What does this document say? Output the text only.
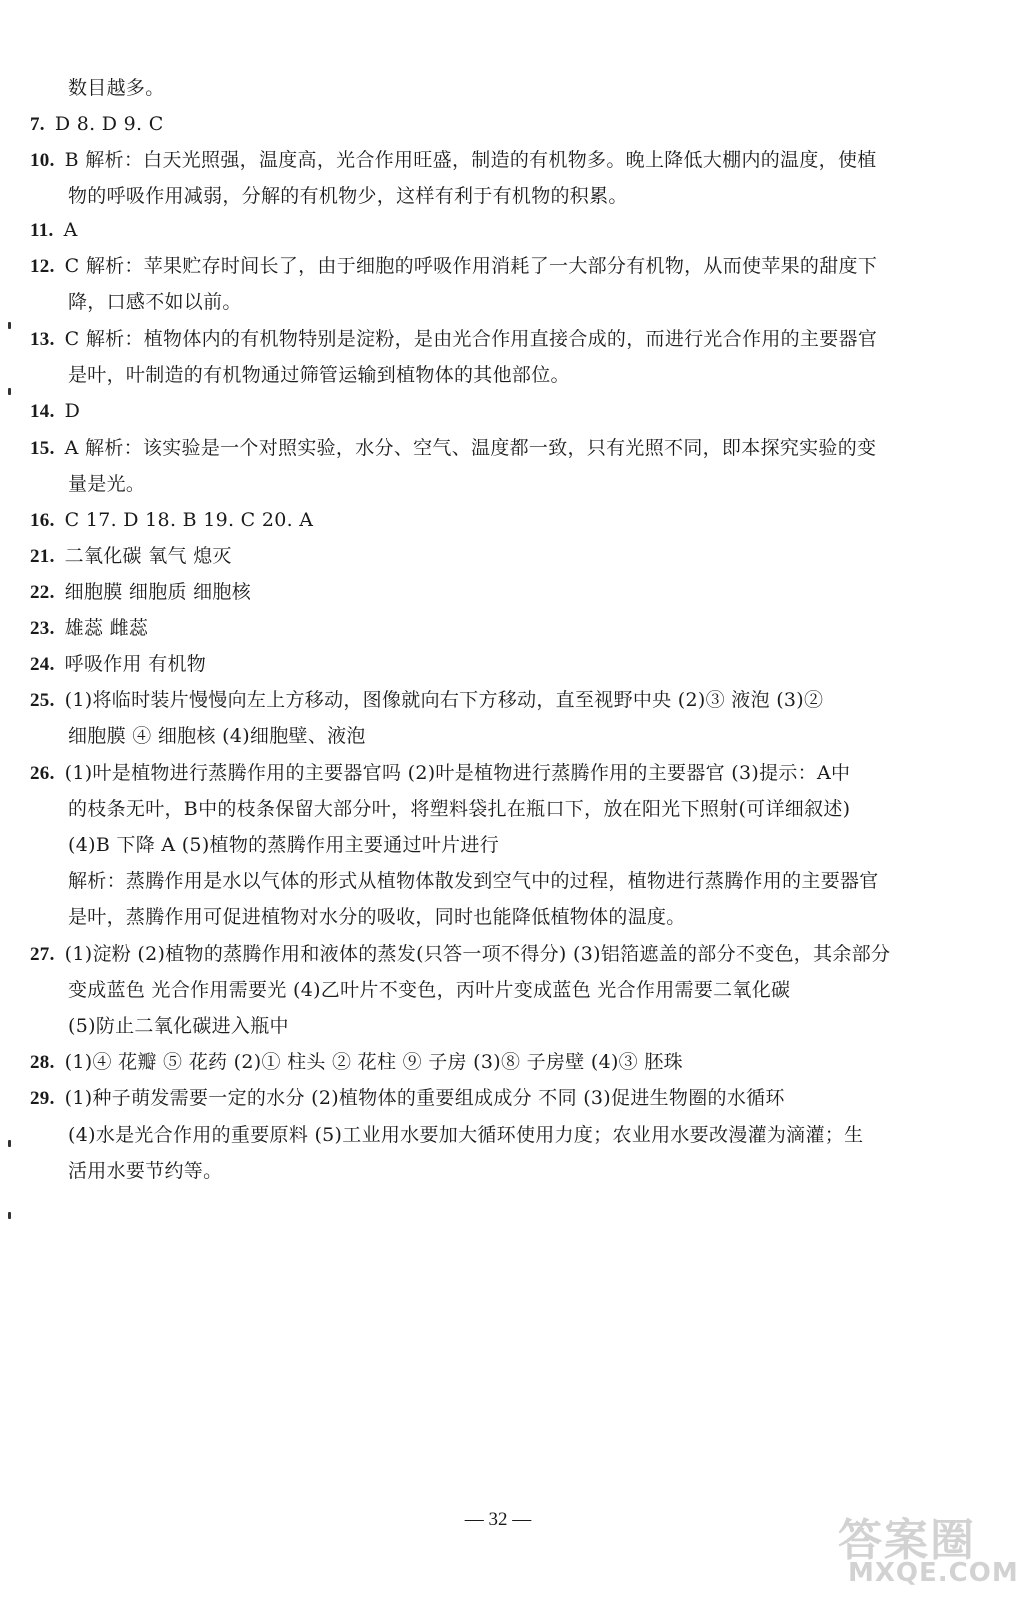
数目越多。
7. D 8. D 9. C
10. B 解析：白天光照强，温度高，光合作用旺盛，制造的有机物多。晚上降低大棚内的温度，使植
物的呼吸作用减弱，分解的有机物少，这样有利于有机物的积累。
11. A
12. C 解析：苹果贮存时间长了，由于细胞的呼吸作用消耗了一大部分有机物，从而使苹果的甜度下
降，口感不如以前。
13. C 解析：植物体内的有机物特别是淀粉，是由光合作用直接合成的，而进行光合作用的主要器官
是叶，叶制造的有机物通过筛管运输到植物体的其他部位。
14. D
15. A 解析：该实验是一个对照实验，水分、空气、温度都一致，只有光照不同，即本探究实验的变
量是光。
16. C 17. D 18. B 19. C 20. A
21. 二氧化碳 氧气 熄灭
22. 细胞膜 细胞质 细胞核
23. 雄蕊 雌蕊
24. 呼吸作用 有机物
25. (1)将临时装片慢慢向左上方移动，图像就向右下方移动，直至视野中央 (2)③ 液泡 (3)②
细胞膜 ④ 细胞核 (4)细胞壁、液泡
26. (1)叶是植物进行蒸腾作用的主要器官吗 (2)叶是植物进行蒸腾作用的主要器官 (3)提示：A中
的枝条无叶，B中的枝条保留大部分叶，将塑料袋扎在瓶口下，放在阳光下照射(可详细叙述)
(4)B 下降 A (5)植物的蒸腾作用主要通过叶片进行
解析：蒸腾作用是水以气体的形式从植物体散发到空气中的过程，植物进行蒸腾作用的主要器官
是叶，蒸腾作用可促进植物对水分的吸收，同时也能降低植物体的温度。
27. (1)淀粉 (2)植物的蒸腾作用和液体的蒸发(只答一项不得分) (3)铝箔遮盖的部分不变色，其余部分
变成蓝色 光合作用需要光 (4)乙叶片不变色，丙叶片变成蓝色 光合作用需要二氧化碳
(5)防止二氧化碳进入瓶中
28. (1)④ 花瓣 ⑤ 花药 (2)① 柱头 ② 花柱 ⑨ 子房 (3)⑧ 子房壁 (4)③ 胚珠
29. (1)种子萌发需要一定的水分 (2)植物体的重要组成成分 不同 (3)促进生物圈的水循环
(4)水是光合作用的重要原料 (5)工业用水要加大循环使用力度；农业用水要改漫灌为滴灌；生
活用水要节约等。
— 32 —	答案圈
MXQE.COM
